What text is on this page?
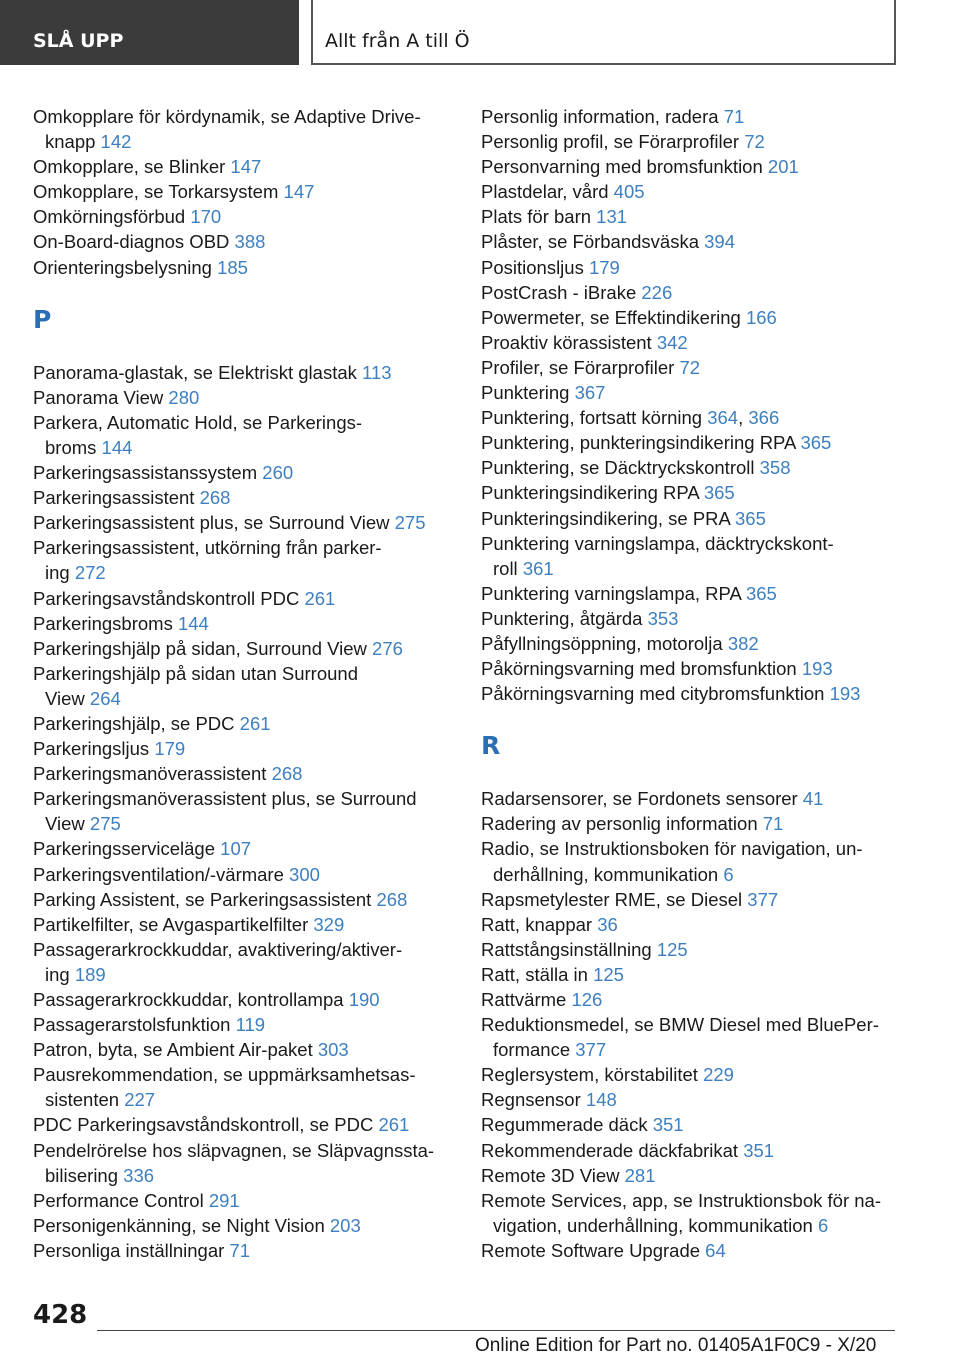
SLÅ UPP	Allt från A till Ö
Omkopplare för kördynamik, se Adaptive Drive-
knapp 142
Omkopplare, se Blinker 147
Omkopplare, se Torkarsystem 147
Omkörningsförbud 170
On-Board-diagnos OBD 388
Orienteringsbelysning 185
P
Panorama-glastak, se Elektriskt glastak 113
Panorama View 280
Parkera, Automatic Hold, se Parkerings-
broms 144
Parkeringsassistanssystem 260
Parkeringsassistent 268
Parkeringsassistent plus, se Surround View 275
Parkeringsassistent, utkörning från parker-
ing 272
Parkeringsavståndskontroll PDC 261
Parkeringsbroms 144
Parkeringshjälp på sidan, Surround View 276
Parkeringshjälp på sidan utan Surround
View 264
Parkeringshjälp, se PDC 261
Parkeringsljus 179
Parkeringsmanöverassistent 268
Parkeringsmanöverassistent plus, se Surround
View 275
Parkeringsserviceläge 107
Parkeringsventilation/-värmare 300
Parking Assistent, se Parkeringsassistent 268
Partikelfilter, se Avgaspartikelfilter 329
Passagerarkrockkuddar, avaktivering/aktiver-
ing 189
Passagerarkrockkuddar, kontrollampa 190
Passagerarstolsfunktion 119
Patron, byta, se Ambient Air-paket 303
Pausrekommendation, se uppmärksamhetsas-
sistenten 227
PDC Parkeringsavståndskontroll, se PDC 261
Pendelrörelse hos släpvagnen, se Släpvagnssta-
bilisering 336
Performance Control 291
Personigenkänning, se Night Vision 203
Personliga inställningar 71
Personlig information, radera 71
Personlig profil, se Förarprofiler 72
Personvarning med bromsfunktion 201
Plastdelar, vård 405
Plats för barn 131
Plåster, se Förbandsväska 394
Positionsljus 179
PostCrash - iBrake 226
Powermeter, se Effektindikering 166
Proaktiv körassistent 342
Profiler, se Förarprofiler 72
Punktering 367
Punktering, fortsatt körning 364, 366
Punktering, punkteringsindikering RPA 365
Punktering, se Däcktryckskontroll 358
Punkteringsindikering RPA 365
Punkteringsindikering, se PRA 365
Punktering varningslampa, däcktryckskont-
roll 361
Punktering varningslampa, RPA 365
Punktering, åtgärda 353
Påfyllningsöppning, motorolja 382
Påkörningsvarning med bromsfunktion 193
Påkörningsvarning med citybromsfunktion 193
R
Radarsensorer, se Fordonets sensorer 41
Radering av personlig information 71
Radio, se Instruktionsboken för navigation, un-
derhållning, kommunikation 6
Rapsmetylester RME, se Diesel 377
Ratt, knappar 36
Rattstångsinställning 125
Ratt, ställa in 125
Rattvärme 126
Reduktionsmedel, se BMW Diesel med BluePer-
formance 377
Reglersystem, körstabilitet 229
Regnsensor 148
Regummerade däck 351
Rekommenderade däckfabrikat 351
Remote 3D View 281
Remote Services, app, se Instruktionsbok för na-
vigation, underhållning, kommunikation 6
Remote Software Upgrade 64
428
Online Edition for Part no. 01405A1F0C9 - X/20
